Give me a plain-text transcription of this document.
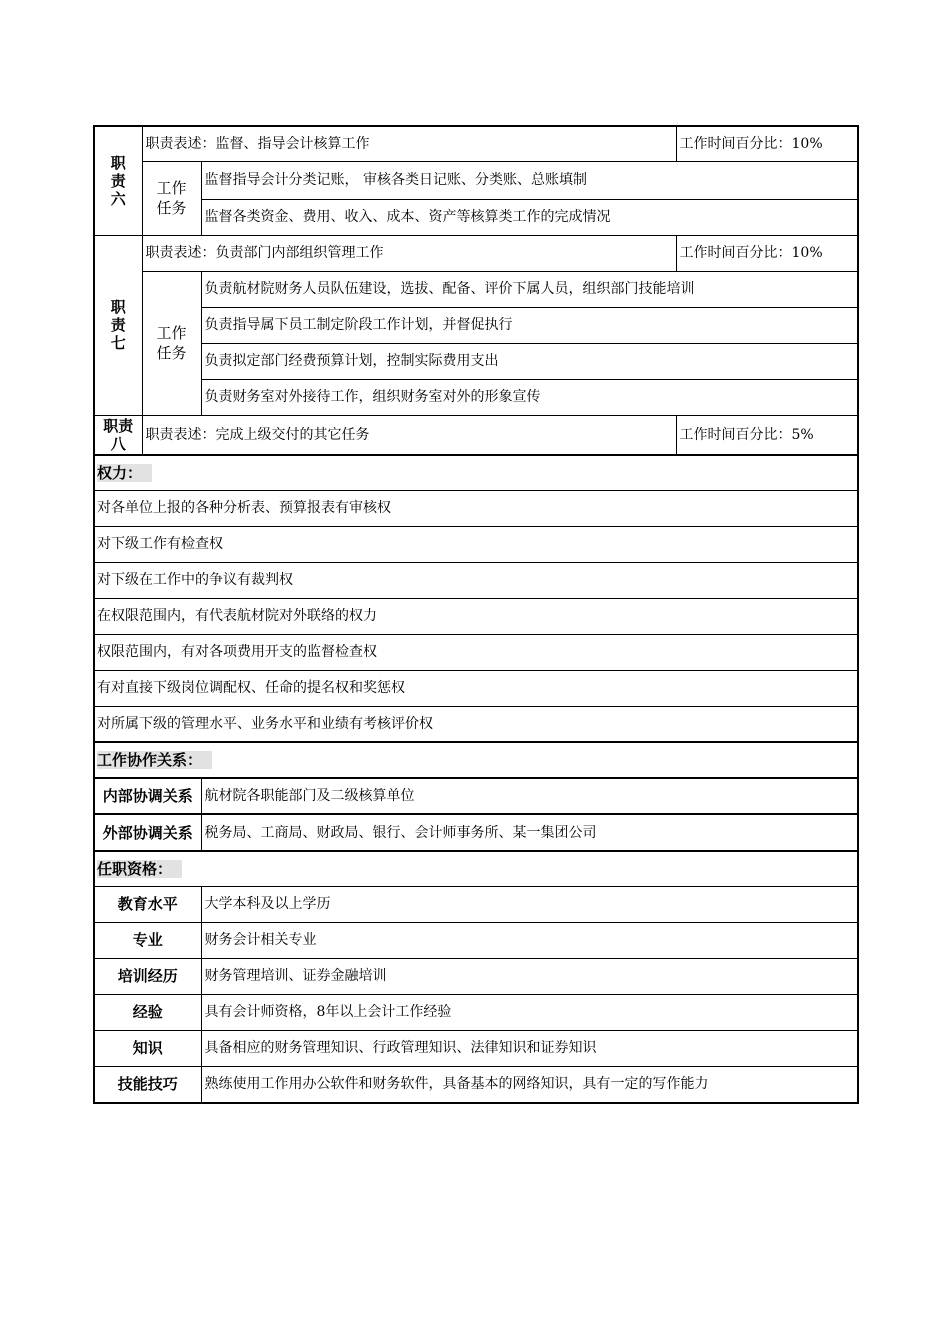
职责六	职责表述：监督、指导会计核算工作		工作时间百分比：10%
	工作任务	监督指导会计分类记账， 审核各类日记账、分类账、总账填制	
		监督各类资金、费用、收入、成本、资产等核算类工作的完成情况	
职责七	职责表述：负责部门内部组织管理工作		工作时间百分比：10%
	工作任务	负责航材院财务人员队伍建设，选拔、配备、评价下属人员，组织部门技能培训	
		负责指导属下员工制定阶段工作计划，并督促执行	
		负责拟定部门经费预算计划，控制实际费用支出	
		负责财务室对外接待工作，组织财务室对外的形象宣传	
职责八	职责表述：完成上级交付的其它任务		工作时间百分比：5%
权力：			
对各单位上报的各种分析表、预算报表有审核权			
对下级工作有检查权			
对下级在工作中的争议有裁判权			
在权限范围内，有代表航材院对外联络的权力			
权限范围内，有对各项费用开支的监督检查权			
有对直接下级岗位调配权、任命的提名权和奖惩权			
对所属下级的管理水平、业务水平和业绩有考核评价权			
工作协作关系：			
内部协调关系		航材院各职能部门及二级核算单位	
外部协调关系		税务局、工商局、财政局、银行、会计师事务所、某一集团公司	
任职资格：			
教育水平		大学本科及以上学历	
专业		财务会计相关专业	
培训经历		财务管理培训、证券金融培训	
经验		具有会计师资格，8年以上会计工作经验	
知识		具备相应的财务管理知识、行政管理知识、法律知识和证券知识	
技能技巧		熟练使用工作用办公软件和财务软件，具备基本的网络知识，具有一定的写作能力	
